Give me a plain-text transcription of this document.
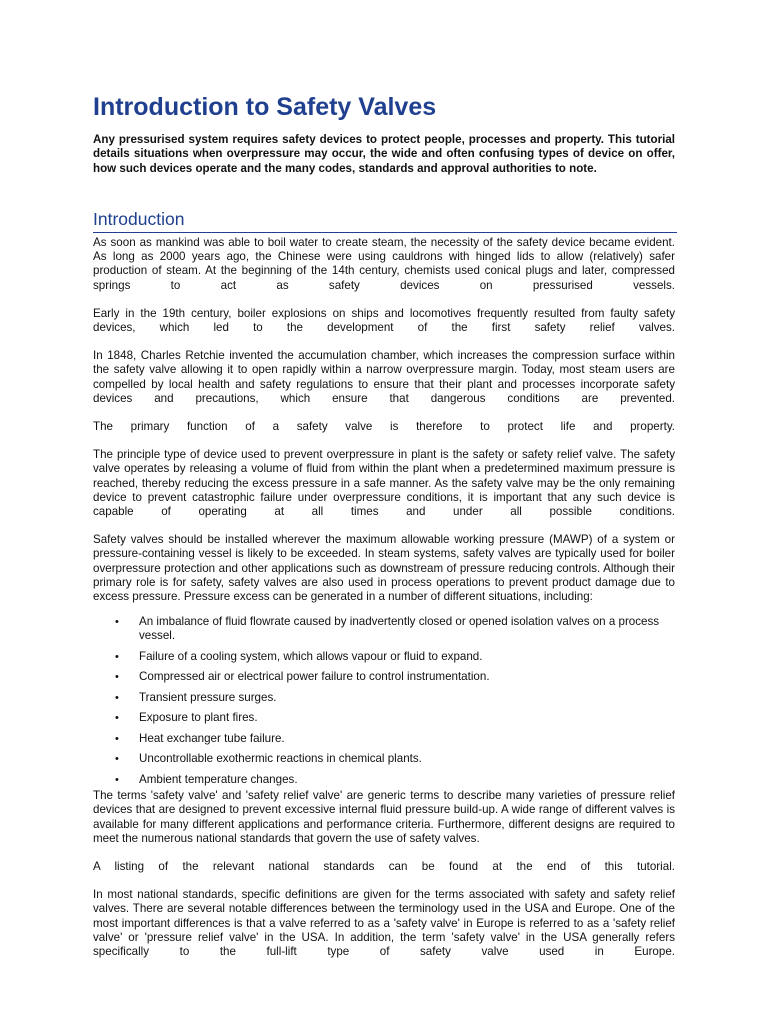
Introduction to Safety Valves

Any pressurised system requires safety devices to protect people, processes and property. This tutorial details situations when overpressure may occur, the wide and often confusing types of device on offer, how such devices operate and the many codes, standards and approval authorities to note.

Introduction

As soon as mankind was able to boil water to create steam, the necessity of the safety device became evident. As long as 2000 years ago, the Chinese were using cauldrons with hinged lids to allow (relatively) safer production of steam. At the beginning of the 14th century, chemists used conical plugs and later, compressed springs to act as safety devices on pressurised vessels.

Early in the 19th century, boiler explosions on ships and locomotives frequently resulted from faulty safety devices, which led to the development of the first safety relief valves.

In 1848, Charles Retchie invented the accumulation chamber, which increases the compression surface within the safety valve allowing it to open rapidly within a narrow overpressure margin. Today, most steam users are compelled by local health and safety regulations to ensure that their plant and processes incorporate safety devices and precautions, which ensure that dangerous conditions are prevented.

The primary function of a safety valve is therefore to protect life and property.

The principle type of device used to prevent overpressure in plant is the safety or safety relief valve. The safety valve operates by releasing a volume of fluid from within the plant when a predetermined maximum pressure is reached, thereby reducing the excess pressure in a safe manner. As the safety valve may be the only remaining device to prevent catastrophic failure under overpressure conditions, it is important that any such device is capable of operating at all times and under all possible conditions.

Safety valves should be installed wherever the maximum allowable working pressure (MAWP) of a system or pressure-containing vessel is likely to be exceeded. In steam systems, safety valves are typically used for boiler overpressure protection and other applications such as downstream of pressure reducing controls. Although their primary role is for safety, safety valves are also used in process operations to prevent product damage due to excess pressure. Pressure excess can be generated in a number of different situations, including:

• An imbalance of fluid flowrate caused by inadvertently closed or opened isolation valves on a process vessel.
• Failure of a cooling system, which allows vapour or fluid to expand.
• Compressed air or electrical power failure to control instrumentation.
• Transient pressure surges.
• Exposure to plant fires.
• Heat exchanger tube failure.
• Uncontrollable exothermic reactions in chemical plants.
• Ambient temperature changes.

The terms 'safety valve' and 'safety relief valve' are generic terms to describe many varieties of pressure relief devices that are designed to prevent excessive internal fluid pressure build-up. A wide range of different valves is available for many different applications and performance criteria. Furthermore, different designs are required to meet the numerous national standards that govern the use of safety valves.

A listing of the relevant national standards can be found at the end of this tutorial.

In most national standards, specific definitions are given for the terms associated with safety and safety relief valves. There are several notable differences between the terminology used in the USA and Europe. One of the most important differences is that a valve referred to as a 'safety valve' in Europe is referred to as a 'safety relief valve' or 'pressure relief valve' in the USA. In addition, the term 'safety valve' in the USA generally refers specifically to the full-lift type of safety valve used in Europe.
